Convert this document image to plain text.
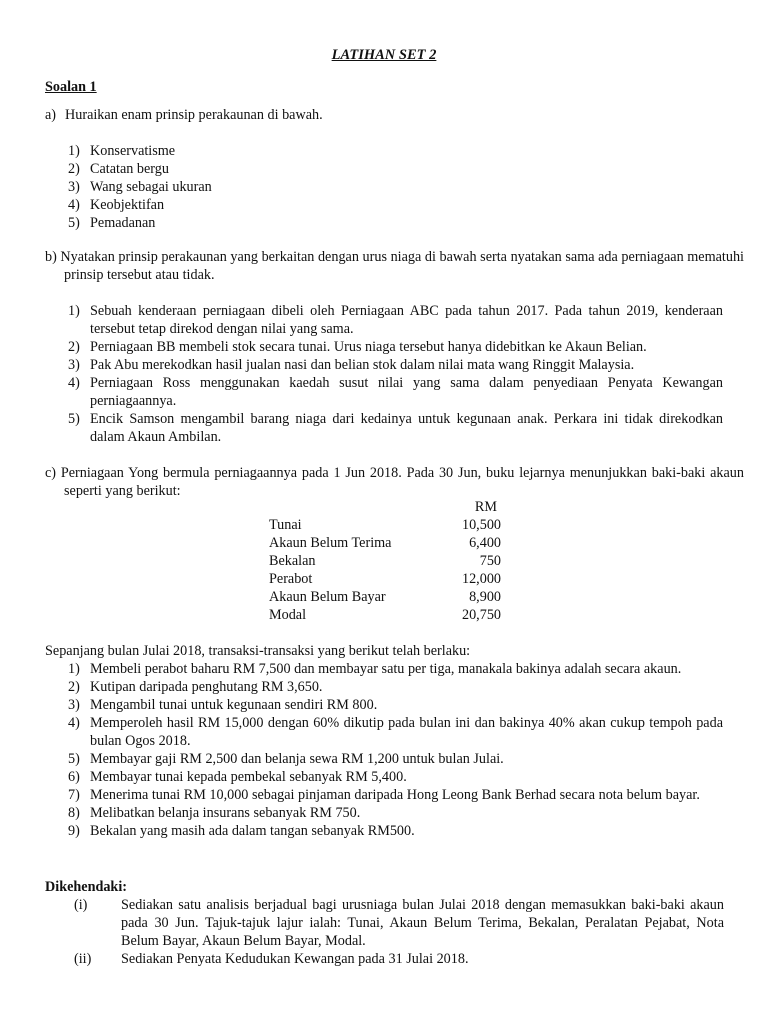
LATIHAN SET 2
Soalan 1
a) Huraikan enam prinsip perakaunan di bawah.
1) Konservatisme
2) Catatan bergu
3) Wang sebagai ukuran
4) Keobjektifan
5) Pemadanan
b) Nyatakan prinsip perakaunan yang berkaitan dengan urus niaga di bawah serta nyatakan sama ada perniagaan mematuhi prinsip tersebut atau tidak.
1) Sebuah kenderaan perniagaan dibeli oleh Perniagaan ABC pada tahun 2017. Pada tahun 2019, kenderaan tersebut tetap direkod dengan nilai yang sama.
2) Perniagaan BB membeli stok secara tunai. Urus niaga tersebut hanya didebitkan ke Akaun Belian.
3) Pak Abu merekodkan hasil jualan nasi dan belian stok dalam nilai mata wang Ringgit Malaysia.
4) Perniagaan Ross menggunakan kaedah susut nilai yang sama dalam penyediaan Penyata Kewangan perniagaannya.
5) Encik Samson mengambil barang niaga dari kedainya untuk kegunaan anak. Perkara ini tidak direkodkan dalam Akaun Ambilan.
c) Perniagaan Yong bermula perniagaannya pada 1 Jun 2018. Pada 30 Jun, buku lejarnya menunjukkan baki-baki akaun seperti yang berikut:
RM
Tunai	10,500
Akaun Belum Terima	6,400
Bekalan	750
Perabot	12,000
Akaun Belum Bayar	8,900
Modal	20,750
Sepanjang bulan Julai 2018, transaksi-transaksi yang berikut telah berlaku:
1) Membeli perabot baharu RM 7,500 dan membayar satu per tiga, manakala bakinya adalah secara akaun.
2) Kutipan daripada penghutang RM 3,650.
3) Mengambil tunai untuk kegunaan sendiri RM 800.
4) Memperoleh hasil RM 15,000 dengan 60% dikutip pada bulan ini dan bakinya 40% akan cukup tempoh pada bulan Ogos 2018.
5) Membayar gaji RM 2,500 dan belanja sewa RM 1,200 untuk bulan Julai.
6) Membayar tunai kepada pembekal sebanyak RM 5,400.
7) Menerima tunai RM 10,000 sebagai pinjaman daripada Hong Leong Bank Berhad secara nota belum bayar.
8) Melibatkan belanja insurans sebanyak RM 750.
9) Bekalan yang masih ada dalam tangan sebanyak RM500.
Dikehendaki:
(i)	Sediakan satu analisis berjadual bagi urusniaga bulan Julai 2018 dengan memasukkan baki-baki akaun pada 30 Jun. Tajuk-tajuk lajur ialah: Tunai, Akaun Belum Terima, Bekalan, Peralatan Pejabat, Nota Belum Bayar, Akaun Belum Bayar, Modal.
(ii)	Sediakan Penyata Kedudukan Kewangan pada 31 Julai 2018.
